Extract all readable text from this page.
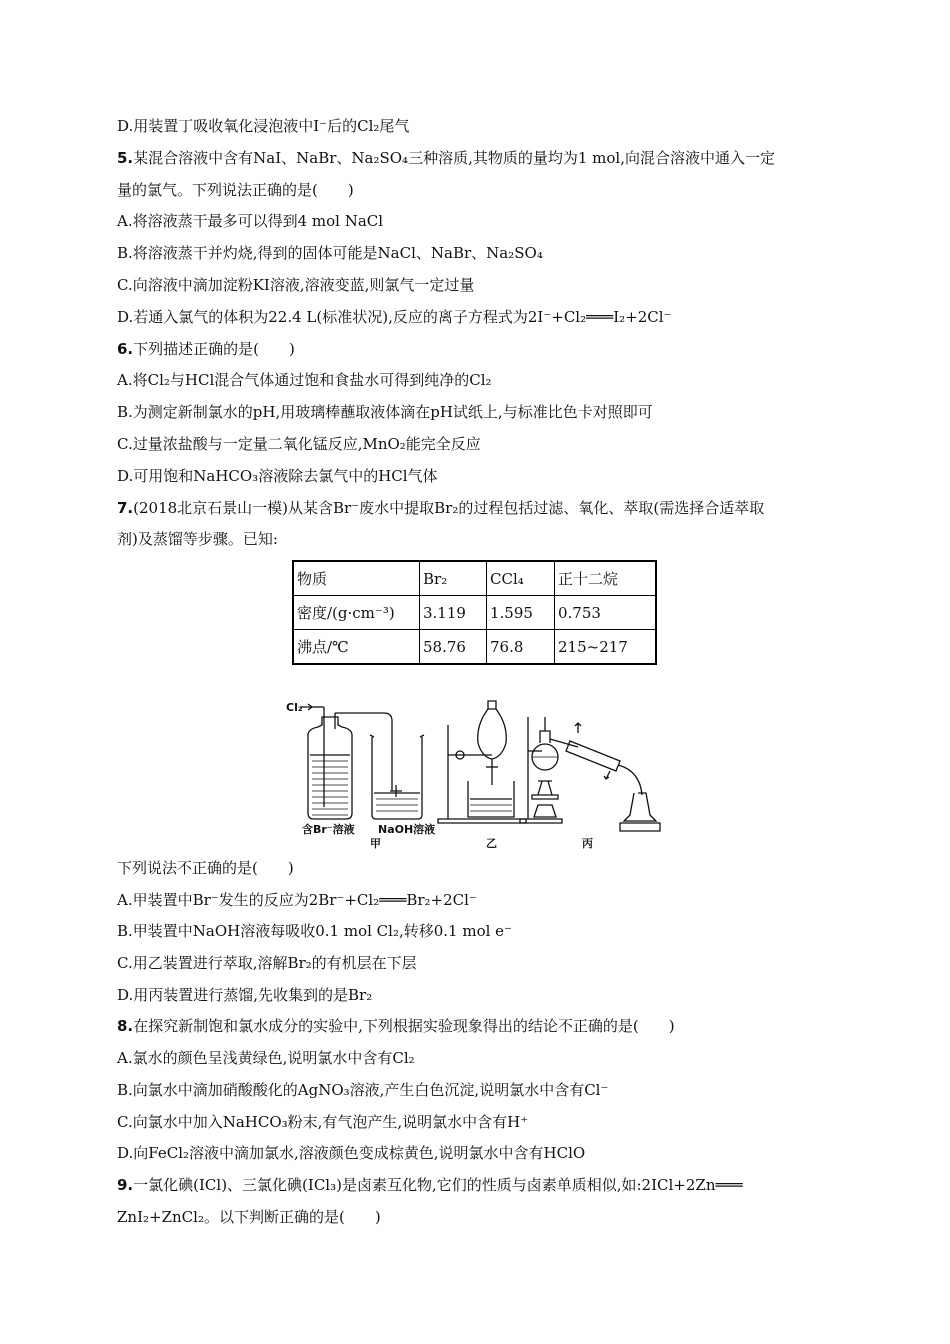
D.用装置丁吸收氧化浸泡液中I⁻后的Cl₂尾气
5.某混合溶液中含有NaI、NaBr、Na₂SO₄三种溶质,其物质的量均为1 mol,向混合溶液中通入一定
量的氯气。下列说法正确的是(　　)
A.将溶液蒸干最多可以得到4 mol NaCl
B.将溶液蒸干并灼烧,得到的固体可能是NaCl、NaBr、Na₂SO₄
C.向溶液中滴加淀粉KI溶液,溶液变蓝,则氯气一定过量
D.若通入氯气的体积为22.4 L(标准状况),反应的离子方程式为2I⁻+Cl₂═══I₂+2Cl⁻
6.下列描述正确的是(　　)
A.将Cl₂与HCl混合气体通过饱和食盐水可得到纯净的Cl₂
B.为测定新制氯水的pH,用玻璃棒蘸取液体滴在pH试纸上,与标准比色卡对照即可
C.过量浓盐酸与一定量二氧化锰反应,MnO₂能完全反应
D.可用饱和NaHCO₃溶液除去氯气中的HCl气体
7.(2018北京石景山一模)从某含Br⁻废水中提取Br₂的过程包括过滤、氧化、萃取(需选择合适萃取
剂)及蒸馏等步骤。已知:
物质	Br₂	CCl₄	正十二烷
密度/(g·cm⁻³)	3.119	1.595	0.753
沸点/℃	58.76	76.8	215~217
Cl₂
含Br⁻溶液 NaOH溶液
甲	乙	丙
下列说法不正确的是(　　)
A.甲装置中Br⁻发生的反应为2Br⁻+Cl₂═══Br₂+2Cl⁻
B.甲装置中NaOH溶液每吸收0.1 mol Cl₂,转移0.1 mol e⁻
C.用乙装置进行萃取,溶解Br₂的有机层在下层
D.用丙装置进行蒸馏,先收集到的是Br₂
8.在探究新制饱和氯水成分的实验中,下列根据实验现象得出的结论不正确的是(　　)
A.氯水的颜色呈浅黄绿色,说明氯水中含有Cl₂
B.向氯水中滴加硝酸酸化的AgNO₃溶液,产生白色沉淀,说明氯水中含有Cl⁻
C.向氯水中加入NaHCO₃粉末,有气泡产生,说明氯水中含有H⁺
D.向FeCl₂溶液中滴加氯水,溶液颜色变成棕黄色,说明氯水中含有HClO
9.一氯化碘(ICl)、三氯化碘(ICl₃)是卤素互化物,它们的性质与卤素单质相似,如:2ICl+2Zn═══
ZnI₂+ZnCl₂。以下判断正确的是(　　)
